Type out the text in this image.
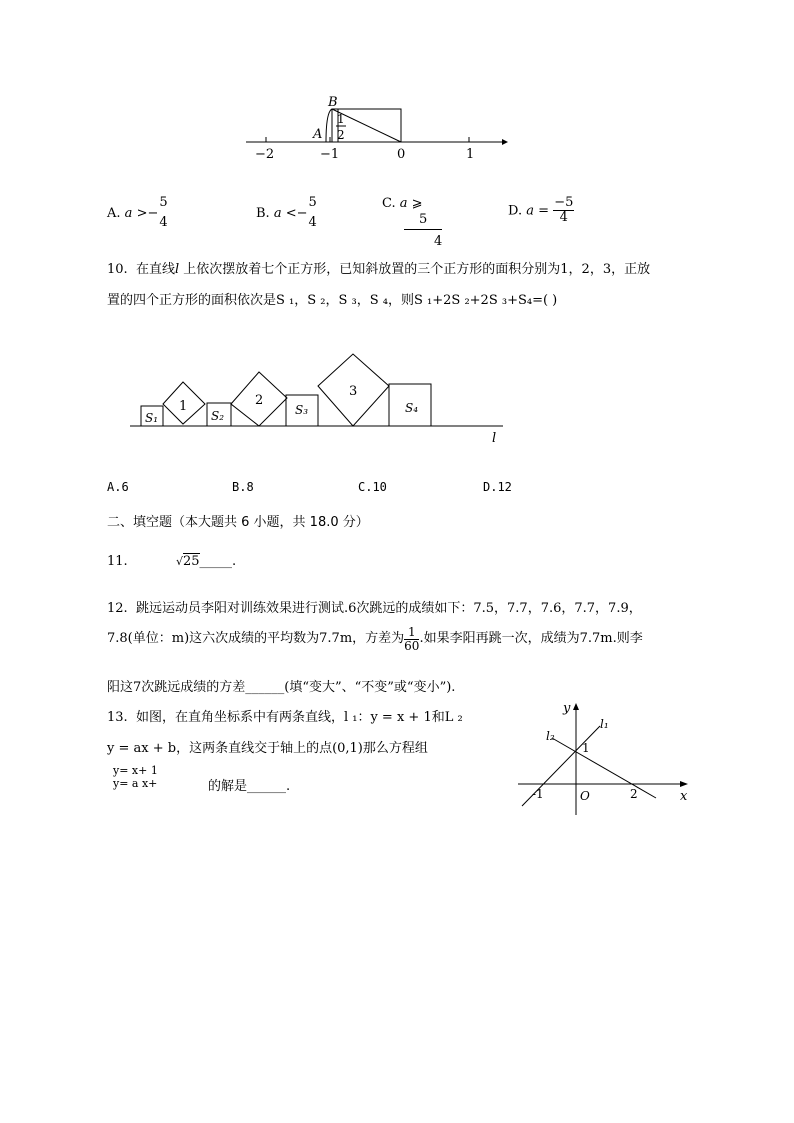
B
A
1
2
−2	−1	0	1
A. a >−
5
4
B. a <−
5
4
C. a ⩾
5
4
D. $a = \frac{-5}{4}$
10. 在直线l 上依次摆放着七个正方形，已知斜放置的三个正方形的面积分别为1，2，3，正放
置的四个正方形的面积依次是S ₁，S ₂，S ₃，S ₄，则S ₁+2S ₂+2S ₃+S₄=( )
S₁
1
S₂
2
S₃
3
S₄
l
A.6	B.8	C.10	D.12
二、填空题（本大题共 6 小题，共 18.0 分）
11.	√25_____.
12. 跳远运动员李阳对训练效果进行测试.6次跳远的成绩如下：7.5，7.7，7.6，7.7，7.9，
7.8(单位：m)这六次成绩的平均数为7.7m，方差为 $\frac{1}{60}$ .如果李阳再跳一次，成绩为7.7m.则李
阳这7次跳远成绩的方差______(填“变大”、“不变”或“变小”).
13. 如图，在直角坐标系中有两条直线，l ₁：y = x + 1和L ₂
y = ax + b，这两条直线交于轴上的点(0,1)那么方程组
y= x+ 1
y= a x+	的解是______.
y
x
l₁
l₂
1
-1	O	2
